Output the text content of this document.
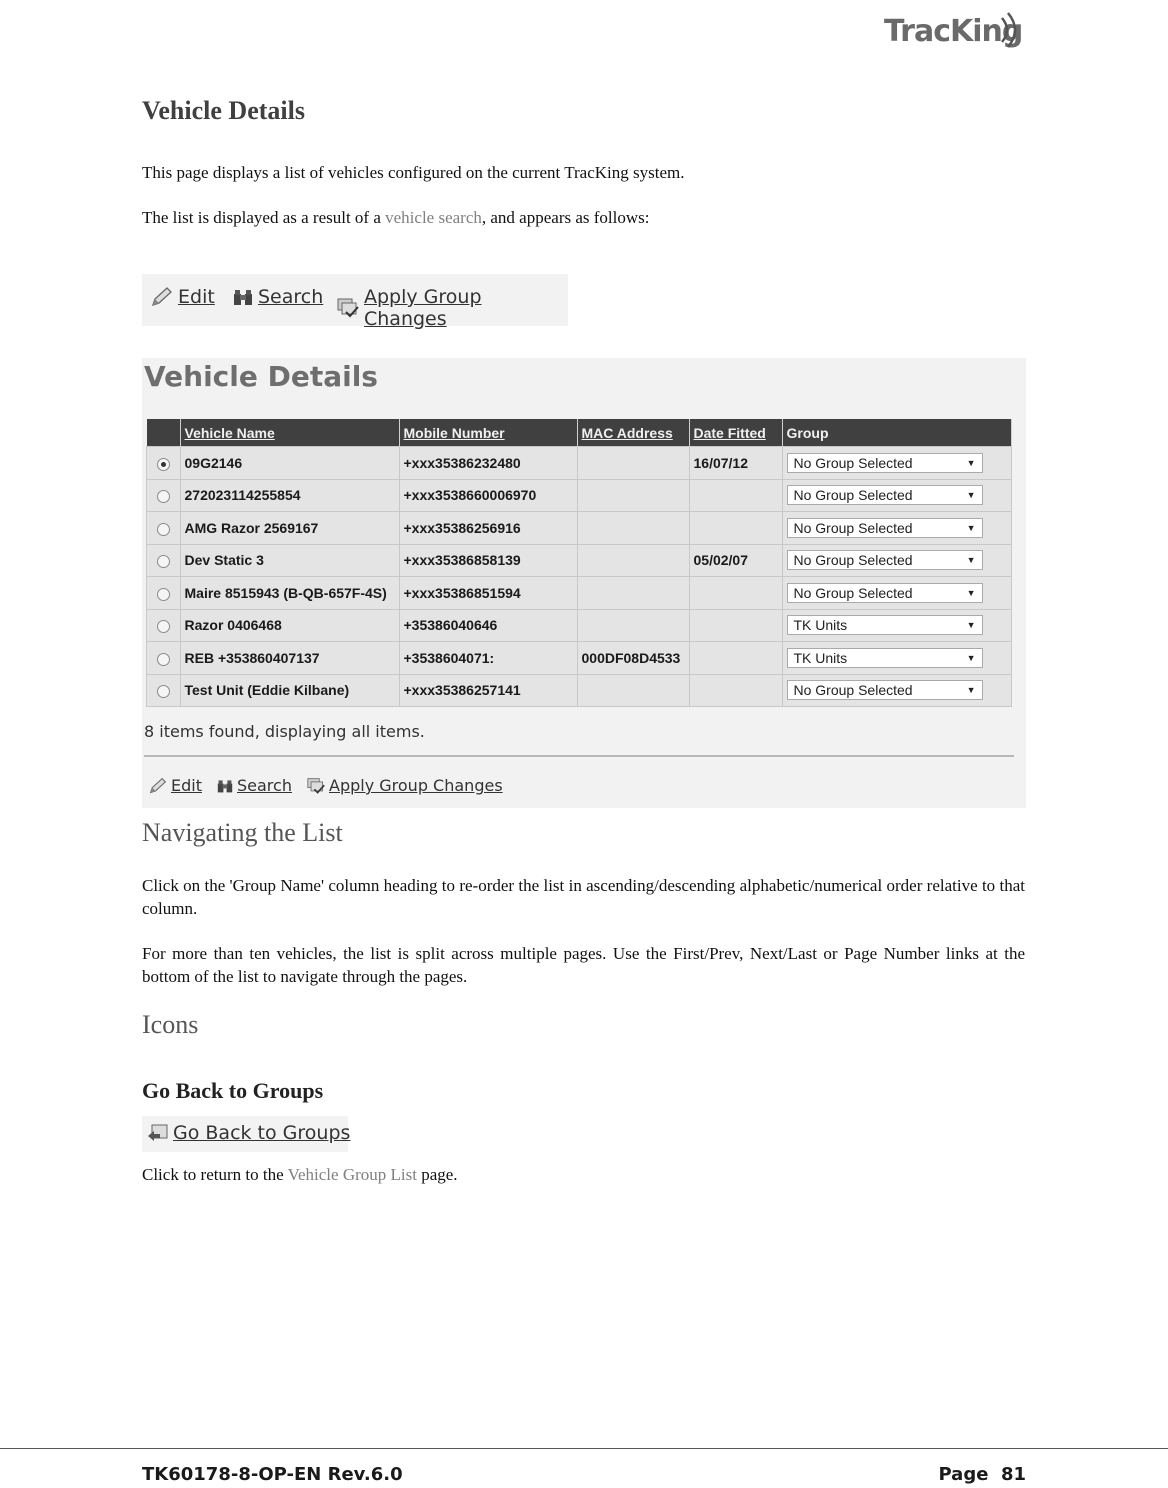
TracKing
Vehicle Details

This page displays a list of vehicles configured on the current TracKing system.

The list is displayed as a result of a vehicle search, and appears as follows:

Edit Search Apply Group Changes
Vehicle Details
	Vehicle Name	Mobile Number	MAC Address	Date Fitted	Group
	09G2146	+xxx35386232480		16/07/12	No Group Selected ▼

	272023114255854	+xxx3538660006970			No Group Selected ▼

	AMG Razor 2569167	+xxx35386256916			No Group Selected ▼

	Dev Static 3	+xxx35386858139		05/02/07	No Group Selected ▼

	Maire 8515943 (B-QB-657F-4S)	+xxx35386851594			No Group Selected ▼

	Razor 0406468	+35386040646			TK Units ▼

	REB +353860407137	+3538604071:	000DF08D4533		TK Units ▼

	Test Unit (Eddie Kilbane)	+xxx35386257141			No Group Selected ▼

8 items found, displaying all items.

Edit Search Apply Group Changes
Navigating the List

Click on the 'Group Name' column heading to re-order the list in ascending/descending alphabetic/numerical order relative to that column.

For more than ten vehicles, the list is split across multiple pages. Use the First/Prev, Next/Last or Page Number links at the bottom of the list to navigate through the pages.

Icons
Go Back to Groups
Go Back to Groups

Click to return to the Vehicle Group List page.

TK60178-8-OP-EN Rev.6.0	Page  81
